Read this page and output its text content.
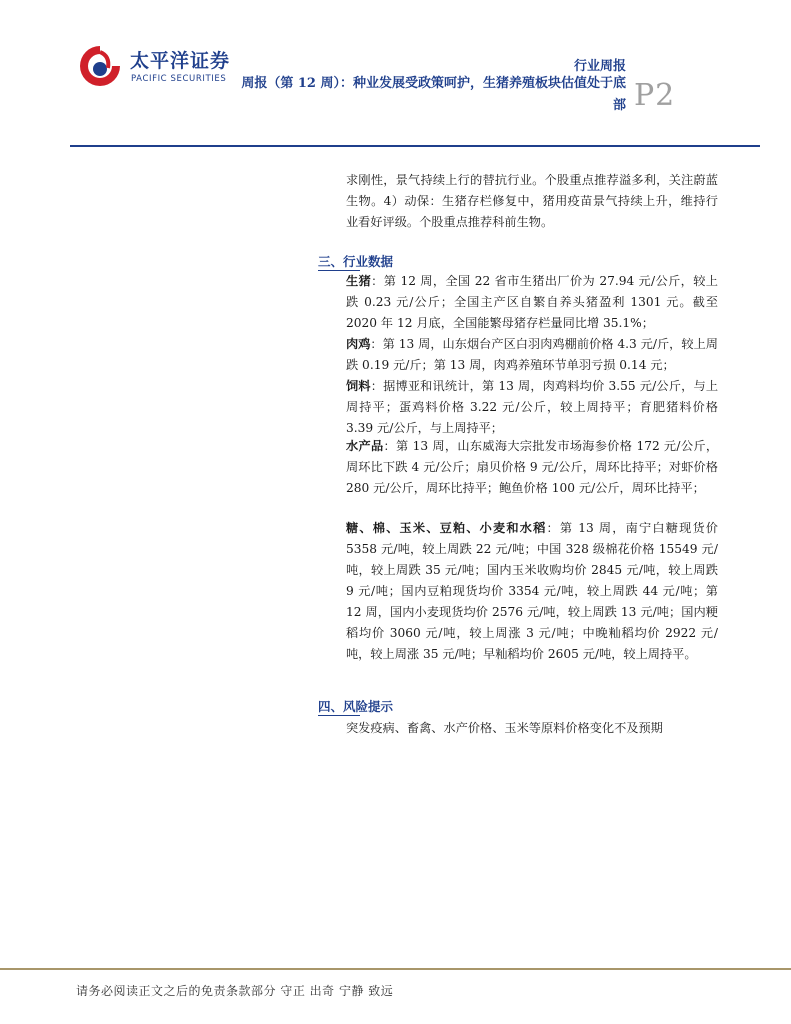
太平洋证券
PACIFIC SECURITIES
行业周报
周报（第 12 周）：种业发展受政策呵护，生猪养殖板块估值处于底部 P2

求刚性，景气持续上行的替抗行业。个股重点推荐溢多利，关注蔚蓝生物。4）动保：生猪存栏修复中，猪用疫苗景气持续上升，维持行业看好评级。个股重点推荐科前生物。

三、行业数据
生猪：第 12 周，全国 22 省市生猪出厂价为 27.94 元/公斤，较上跌 0.23 元/公斤；全国主产区自繁自养头猪盈利 1301 元。截至 2020 年 12 月底，全国能繁母猪存栏量同比增 35.1%；
肉鸡：第 13 周，山东烟台产区白羽肉鸡棚前价格 4.3 元/斤，较上周跌 0.19 元/斤；第 13 周，肉鸡养殖环节单羽亏损 0.14 元；
饲料：据博亚和讯统计，第 13 周，肉鸡料均价 3.55 元/公斤，与上周持平；蛋鸡料价格 3.22 元/公斤，较上周持平；育肥猪料价格 3.39 元/公斤，与上周持平；
水产品：第 13 周，山东威海大宗批发市场海参价格 172 元/公斤，周环比下跌 4 元/公斤；扇贝价格 9 元/公斤，周环比持平；对虾价格 280 元/公斤，周环比持平；鲍鱼价格 100 元/公斤，周环比持平；
糖、棉、玉米、豆粕、小麦和水稻：第 13 周，南宁白糖现货价 5358 元/吨，较上周跌 22 元/吨；中国 328 级棉花价格 15549 元/吨，较上周跌 35 元/吨；国内玉米收购均价 2845 元/吨，较上周跌 9 元/吨；国内豆粕现货均价 3354 元/吨，较上周跌 44 元/吨；第 12 周，国内小麦现货均价 2576 元/吨，较上周跌 13 元/吨；国内粳稻均价 3060 元/吨，较上周涨 3 元/吨；中晚籼稻均价 2922 元/吨，较上周涨 35 元/吨；早籼稻均价 2605 元/吨，较上周持平。
四、风险提示
突发疫病、畜禽、水产价格、玉米等原料价格变化不及预期
请务必阅读正文之后的免责条款部分 守正 出奇 宁静 致远
